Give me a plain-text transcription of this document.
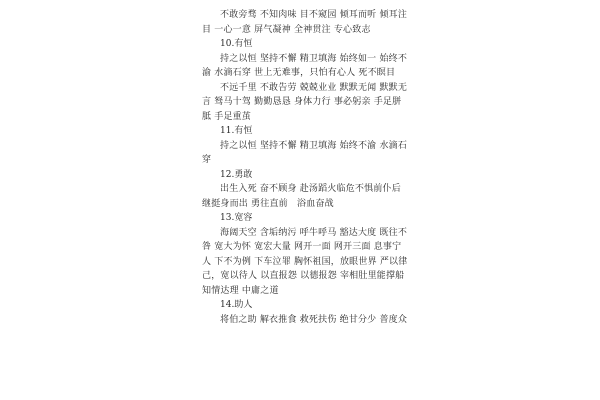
不敢旁骛 不知肉味 目不窥园 倾耳而听 倾耳注目 一心一意 屏气凝神 全神贯注 专心致志

10.有恒

持之以恒 坚持不懈 精卫填海 始终如一 始终不渝 水滴石穿 世上无难事，只怕有心人 死不瞑目

不远千里 不敢告劳 兢兢业业 默默无闻 默默无言 驽马十驾 勤勤恳恳 身体力行 事必躬亲 手足胼胝 手足重茧

11.有恒

持之以恒 坚持不懈 精卫填海 始终不渝 水滴石穿

12.勇敢

出生入死 奋不顾身 赴汤蹈火临危不惧前仆后继挺身而出 勇往直前　浴血奋战

13.宽容

海阔天空 含垢纳污 呼牛呼马 豁达大度 既往不咎 宽大为怀 宽宏大量 网开一面 网开三面 息事宁人 下不为例 下车泣罪 胸怀祖国，放眼世界 严以律己，宽以待人 以直报怨 以德报怨 宰相肚里能撑船 知情达理 中庸之道

14.助人

将伯之助 解衣推食 救死扶伤 绝甘分少 普度众
